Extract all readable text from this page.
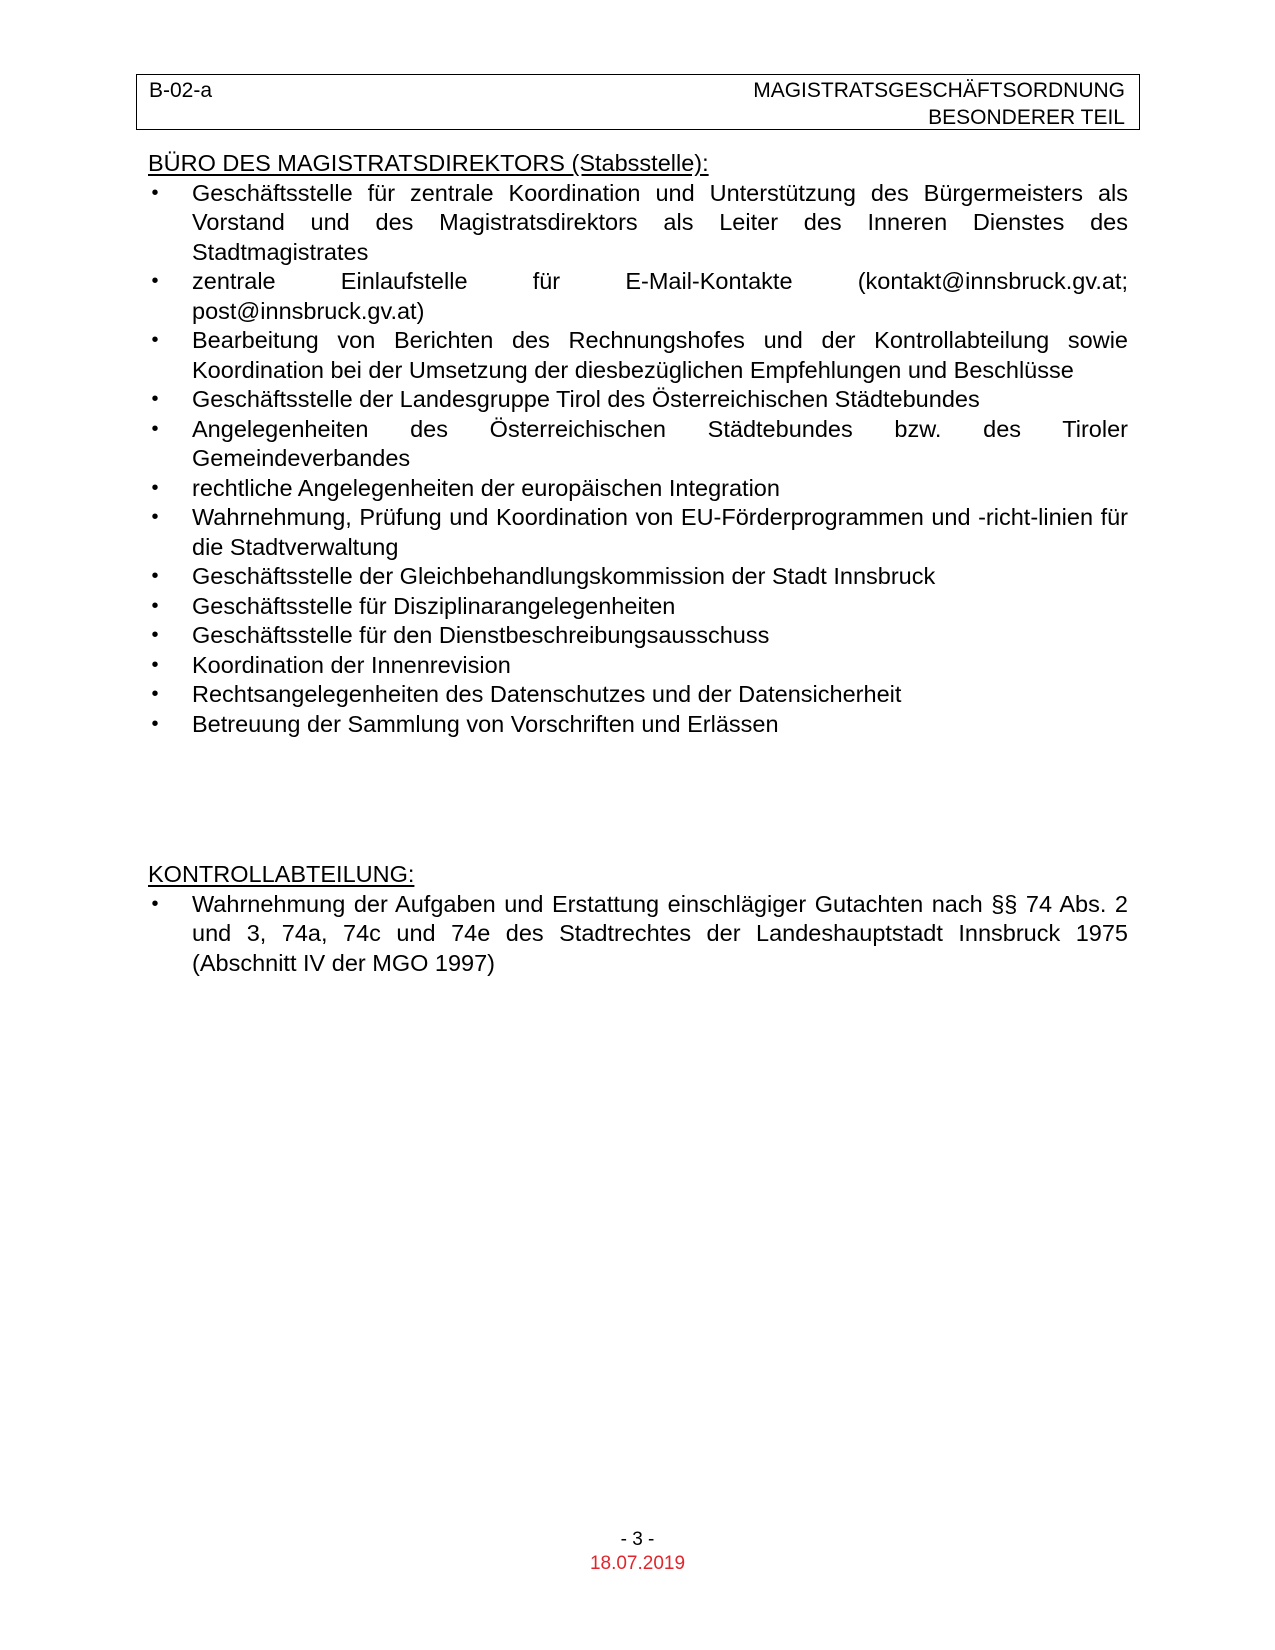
B-02-a	MAGISTRATSGESCHÄFTSORDNUNG
BESONDERER TEIL
BÜRO DES MAGISTRATSDIREKTORS (Stabsstelle):
• Geschäftsstelle für zentrale Koordination und Unterstützung des Bürgermeisters als Vorstand und des Magistratsdirektors als Leiter des Inneren Dienstes des Stadtmagistrates
• zentrale Einlaufstelle für E-Mail-Kontakte (kontakt@innsbruck.gv.at; post@innsbruck.gv.at)
• Bearbeitung von Berichten des Rechnungshofes und der Kontrollabteilung sowie Koordination bei der Umsetzung der diesbezüglichen Empfehlungen und Beschlüsse
• Geschäftsstelle der Landesgruppe Tirol des Österreichischen Städtebundes
• Angelegenheiten des Österreichischen Städtebundes bzw. des Tiroler Gemeindeverbandes
• rechtliche Angelegenheiten der europäischen Integration
• Wahrnehmung, Prüfung und Koordination von EU-Förderprogrammen und -richt-linien für die Stadtverwaltung
• Geschäftsstelle der Gleichbehandlungskommission der Stadt Innsbruck
• Geschäftsstelle für Disziplinarangelegenheiten
• Geschäftsstelle für den Dienstbeschreibungsausschuss
• Koordination der Innenrevision
• Rechtsangelegenheiten des Datenschutzes und der Datensicherheit
• Betreuung der Sammlung von Vorschriften und Erlässen
KONTROLLABTEILUNG:
• Wahrnehmung der Aufgaben und Erstattung einschlägiger Gutachten nach §§ 74 Abs. 2 und 3, 74a, 74c und 74e des Stadtrechtes der Landeshauptstadt Innsbruck 1975 (Abschnitt IV der MGO 1997)
- 3 -
18.07.2019
